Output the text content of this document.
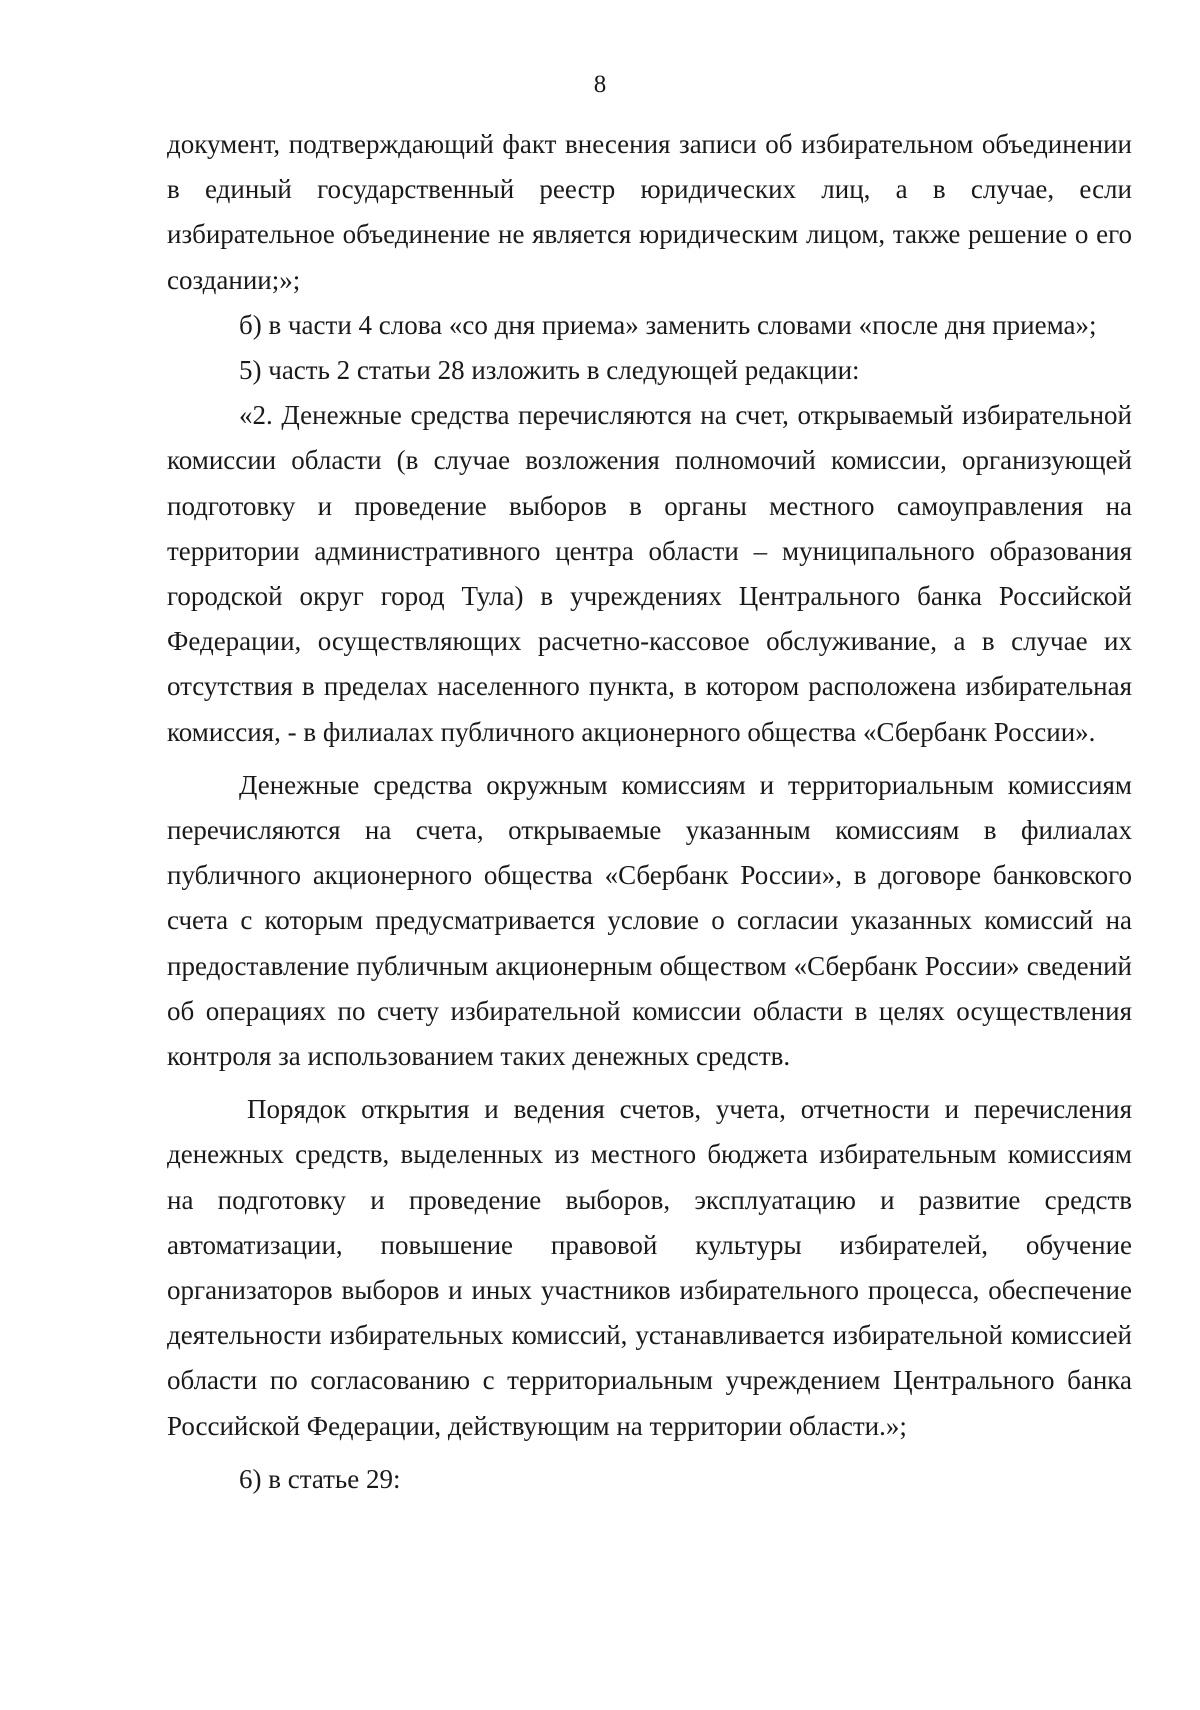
8

документ, подтверждающий факт внесения записи об избирательном объединении в единый государственный реестр юридических лиц, а в случае, если избирательное объединение не является юридическим лицом, также решение о его создании;»;

б) в части 4 слова «со дня приема» заменить словами «после дня приема»;

5) часть 2 статьи 28 изложить в следующей редакции:

«2. Денежные средства перечисляются на счет, открываемый избирательной комиссии области (в случае возложения полномочий комиссии, организующей подготовку и проведение выборов в органы местного самоуправления на территории административного центра области – муниципального образования городской округ город Тула) в учреждениях Центрального банка Российской Федерации, осуществляющих расчетно-кассовое обслуживание, а в случае их отсутствия в пределах населенного пункта, в котором расположена избирательная комиссия, - в филиалах публичного акционерного общества «Сбербанк России».

Денежные средства окружным комиссиям и территориальным комиссиям перечисляются на счета, открываемые указанным комиссиям в филиалах публичного акционерного общества «Сбербанк России», в договоре банковского счета с которым предусматривается условие о согласии указанных комиссий на предоставление публичным акционерным обществом «Сбербанк России» сведений об операциях по счету избирательной комиссии области в целях осуществления контроля за использованием таких денежных средств.

Порядок открытия и ведения счетов, учета, отчетности и перечисления денежных средств, выделенных из местного бюджета избирательным комиссиям на подготовку и проведение выборов, эксплуатацию и развитие средств автоматизации, повышение правовой культуры избирателей, обучение организаторов выборов и иных участников избирательного процесса, обеспечение деятельности избирательных комиссий, устанавливается избирательной комиссией области по согласованию с территориальным учреждением Центрального банка Российской Федерации, действующим на территории области.»;

6) в статье 29:
